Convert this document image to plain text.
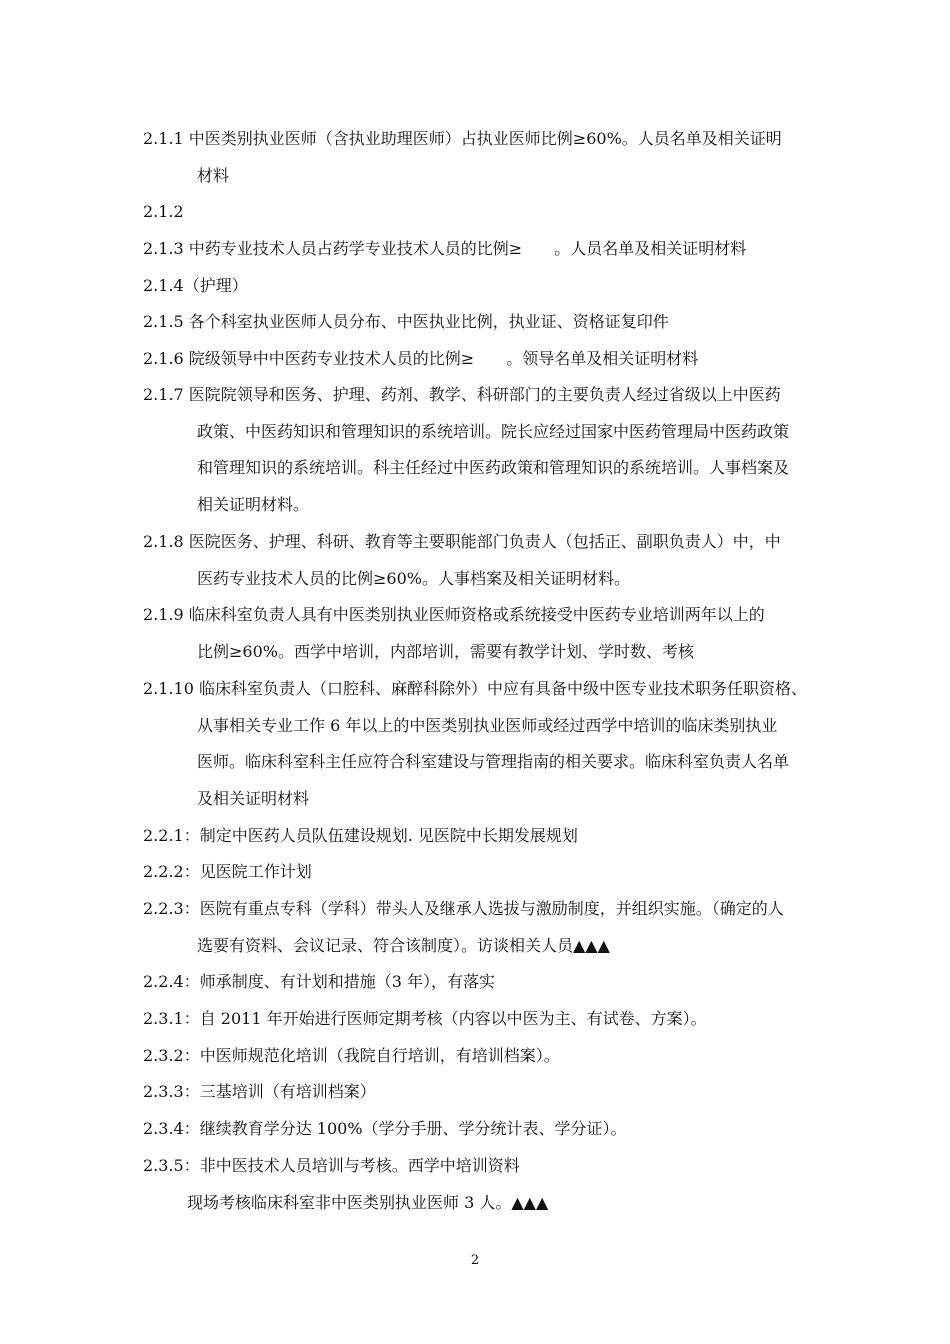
2.1.1 中医类别执业医师（含执业助理医师）占执业医师比例≥60%。人员名单及相关证明
材料
2.1.2
2.1.3 中药专业技术人员占药学专业技术人员的比例≥　　。人员名单及相关证明材料
2.1.4（护理）
2.1.5 各个科室执业医师人员分布、中医执业比例，执业证、资格证复印件
2.1.6 院级领导中中医药专业技术人员的比例≥　　。领导名单及相关证明材料
2.1.7 医院院领导和医务、护理、药剂、教学、科研部门的主要负责人经过省级以上中医药
政策、中医药知识和管理知识的系统培训。院长应经过国家中医药管理局中医药政策
和管理知识的系统培训。科主任经过中医药政策和管理知识的系统培训。人事档案及
相关证明材料。
2.1.8 医院医务、护理、科研、教育等主要职能部门负责人（包括正、副职负责人）中，中
医药专业技术人员的比例≥60%。人事档案及相关证明材料。
2.1.9 临床科室负责人具有中医类别执业医师资格或系统接受中医药专业培训两年以上的
比例≥60%。西学中培训，内部培训，需要有教学计划、学时数、考核
2.1.10 临床科室负责人（口腔科、麻醉科除外）中应有具备中级中医专业技术职务任职资格、
从事相关专业工作 6 年以上的中医类别执业医师或经过西学中培训的临床类别执业
医师。临床科室科主任应符合科室建设与管理指南的相关要求。临床科室负责人名单
及相关证明材料
2.2.1：制定中医药人员队伍建设规划. 见医院中长期发展规划
2.2.2：见医院工作计划
2.2.3：医院有重点专科（学科）带头人及继承人选拔与激励制度，并组织实施。（确定的人
选要有资料、会议记录、符合该制度）。访谈相关人员▲▲▲
2.2.4：师承制度、有计划和措施（3 年），有落实
2.3.1：自 2011 年开始进行医师定期考核（内容以中医为主、有试卷、方案）。
2.3.2：中医师规范化培训（我院自行培训，有培训档案）。
2.3.3：三基培训（有培训档案）
2.3.4：继续教育学分达 100%（学分手册、学分统计表、学分证）。
2.3.5：非中医技术人员培训与考核。西学中培训资料
现场考核临床科室非中医类别执业医师 3 人。▲▲▲
2
